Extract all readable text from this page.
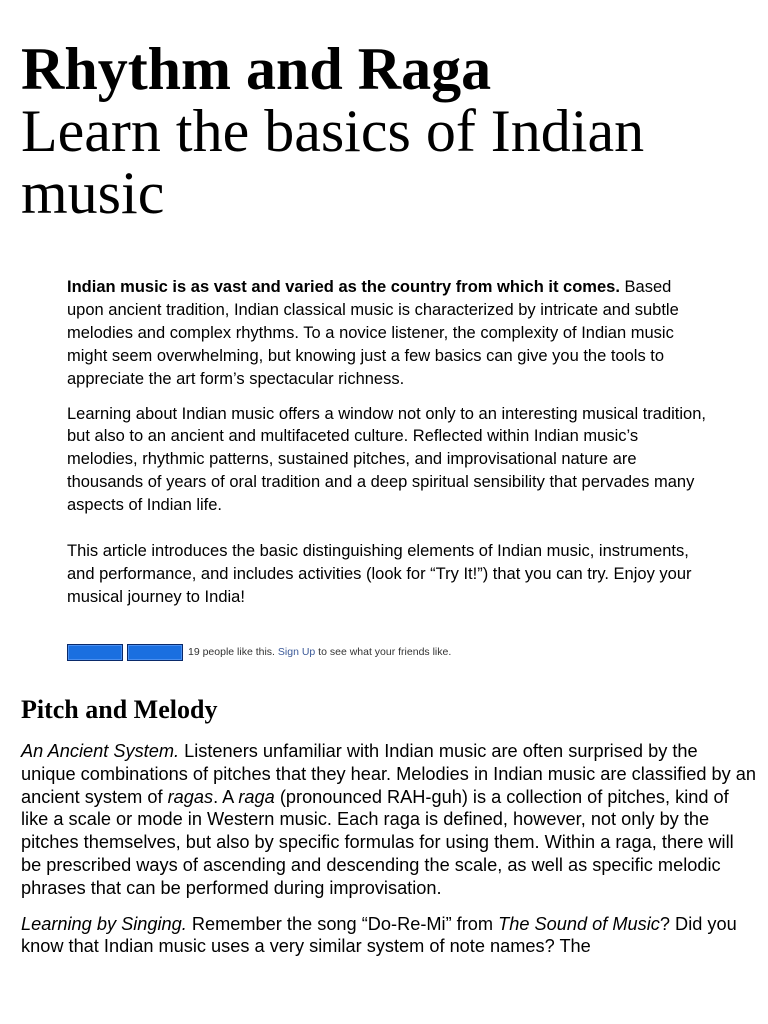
Rhythm and Raga
Learn the basics of Indian music

Indian music is as vast and varied as the country from which it comes. Based upon ancient tradition, Indian classical music is characterized by intricate and subtle melodies and complex rhythms. To a novice listener, the complexity of Indian music might seem overwhelming, but knowing just a few basics can give you the tools to appreciate the art form’s spectacular richness.

Learning about Indian music offers a window not only to an interesting musical tradition, but also to an ancient and multifaceted culture. Reflected within Indian music’s melodies, rhythmic patterns, sustained pitches, and improvisational nature are thousands of years of oral tradition and a deep spiritual sensibility that pervades many aspects of Indian life.

This article introduces the basic distinguishing elements of Indian music, instruments, and performance, and includes activities (look for “Try It!”) that you can try. Enjoy your musical journey to India!

19 people like this. Sign Up to see what your friends like.
Pitch and Melody

An Ancient System. Listeners unfamiliar with Indian music are often surprised by the unique combinations of pitches that they hear. Melodies in Indian music are classified by an ancient system of ragas. A raga (pronounced RAH-guh) is a collection of pitches, kind of like a scale or mode in Western music. Each raga is defined, however, not only by the pitches themselves, but also by specific formulas for using them. Within a raga, there will be prescribed ways of ascending and descending the scale, as well as specific melodic phrases that can be performed during improvisation.

Learning by Singing. Remember the song “Do-Re-Mi” from The Sound of Music? Did you know that Indian music uses a very similar system of note names? The
